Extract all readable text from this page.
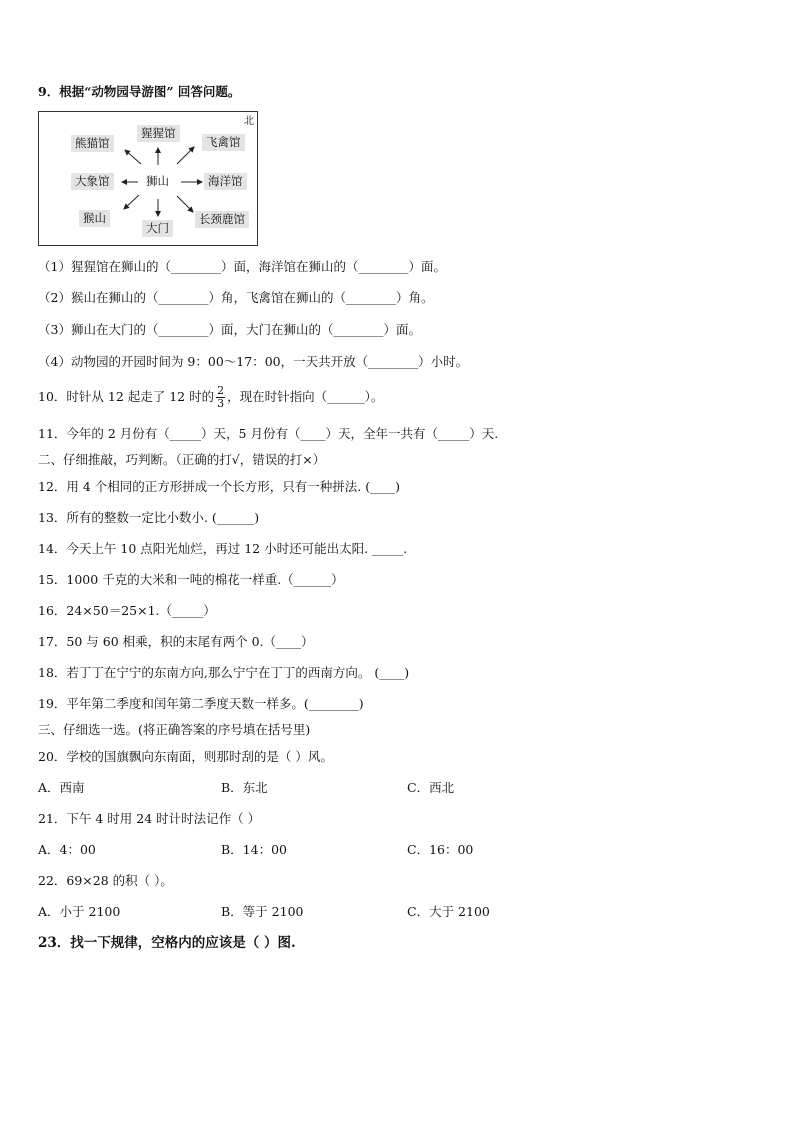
9．根据“动物园导游图” 回答问题。
北
熊猫馆
猩猩馆
飞禽馆
大象馆	狮山	海洋馆
猴山
大门
长颈鹿馆
（1）猩猩馆在狮山的（________）面，海洋馆在狮山的（________）面。
（2）猴山在狮山的（________）角，飞禽馆在狮山的（________）角。
（3）狮山在大门的（________）面，大门在狮山的（________）面。
（4）动物园的开园时间为 9：00～17：00，一天共开放（________）小时。
10．时针从 12 起走了 12 时的 $\frac{2}{3}$ ，现在时针指向（______）。
11．今年的 2 月份有（_____）天，5 月份有（____）天，全年一共有（_____）天.
二、仔细推敲，巧判断。（正确的打√，错误的打×）
12．用 4 个相同的正方形拼成一个长方形，只有一种拼法. (____)
13．所有的整数一定比小数小. (______)
14．今天上午 10 点阳光灿烂，再过 12 小时还可能出太阳. _____.
15．1000 千克的大米和一吨的棉花一样重.（______）
16．24×50＝25×1.（_____）
17．50 与 60 相乘，积的末尾有两个 0.（____）
18．若丁丁在宁宁的东南方向,那么宁宁在丁丁的西南方向。 (____)
19．平年第二季度和闰年第二季度天数一样多。(________)
三、仔细选一选。(将正确答案的序号填在括号里)
20．学校的国旗飘向东南面，则那时刮的是（ ）风。
A．西南	B．东北	C．西北
21．下午 4 时用 24 时计时法记作（ ）
A．4：00	B．14：00	C．16：00
22．69×28 的积（ ）。
A．小于 2100	B．等于 2100	C．大于 2100
23．找一下规律，空格内的应该是（ ）图.
